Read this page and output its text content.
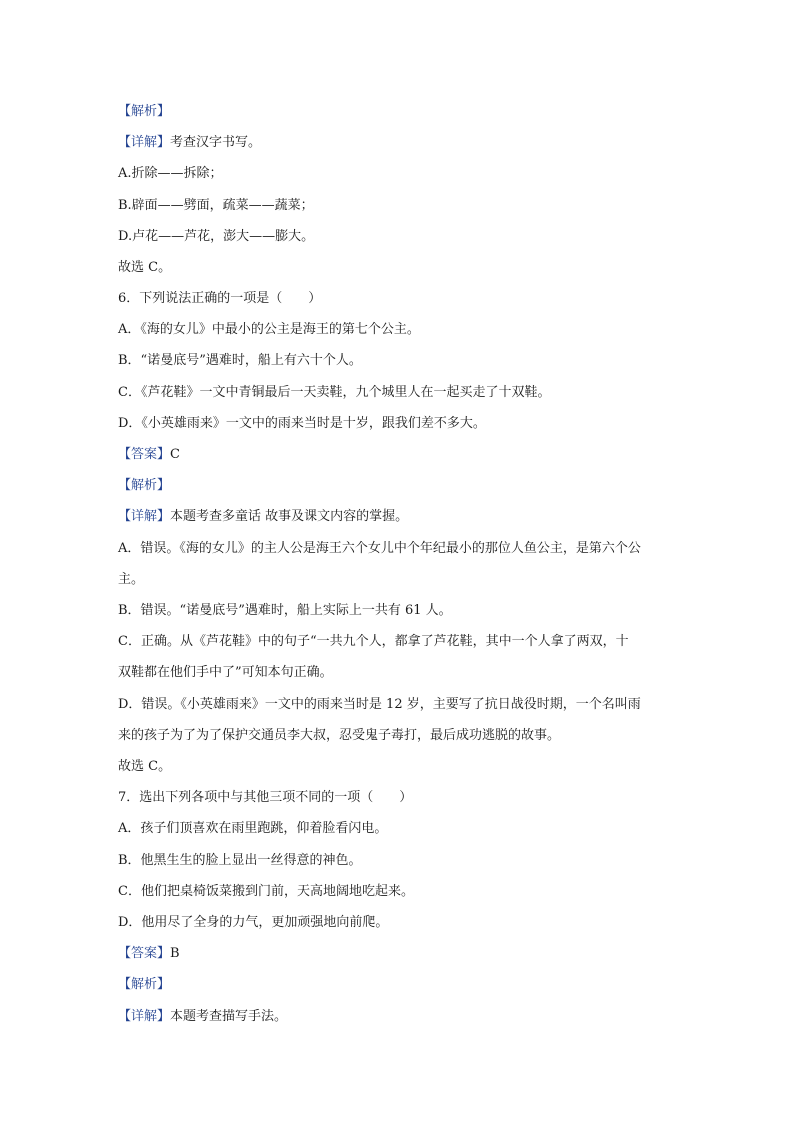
【解析】
【详解】考查汉字书写。
A.折除——拆除；
B.辟面——劈面，疏菜——蔬菜；
D.卢花——芦花，澎大——膨大。
故选 C。
6．下列说法正确的一项是（　　）
A．《海的女儿》中最小的公主是海王的第七个公主。
B．“诺曼底号”遇难时，船上有六十个人。
C．《芦花鞋》一文中青铜最后一天卖鞋，九个城里人在一起买走了十双鞋。
D．《小英雄雨来》一文中的雨来当时是十岁，跟我们差不多大。
【答案】C
【解析】
【详解】本题考查多童话 故事及课文内容的掌握。
A．错误。《海的女儿》的主人公是海王六个女儿中个年纪最小的那位人鱼公主，是第六个公
主。
B．错误。“诺曼底号”遇难时，船上实际上一共有 61 人。
C．正确。从《芦花鞋》中的句子“一共九个人，都拿了芦花鞋，其中一个人拿了两双，十
双鞋都在他们手中了”可知本句正确。
D．错误。《小英雄雨来》一文中的雨来当时是 12 岁，主要写了抗日战役时期，一个名叫雨
来的孩子为了为了保护交通员李大叔，忍受鬼子毒打，最后成功逃脱的故事。
故选 C。
7．选出下列各项中与其他三项不同的一项（　　）
A．孩子们顶喜欢在雨里跑跳，仰着脸看闪电。
B．他黑生生的脸上显出一丝得意的神色。
C．他们把桌椅饭菜搬到门前，天高地阔地吃起来。
D．他用尽了全身的力气，更加顽强地向前爬。
【答案】B
【解析】
【详解】本题考查描写手法。
